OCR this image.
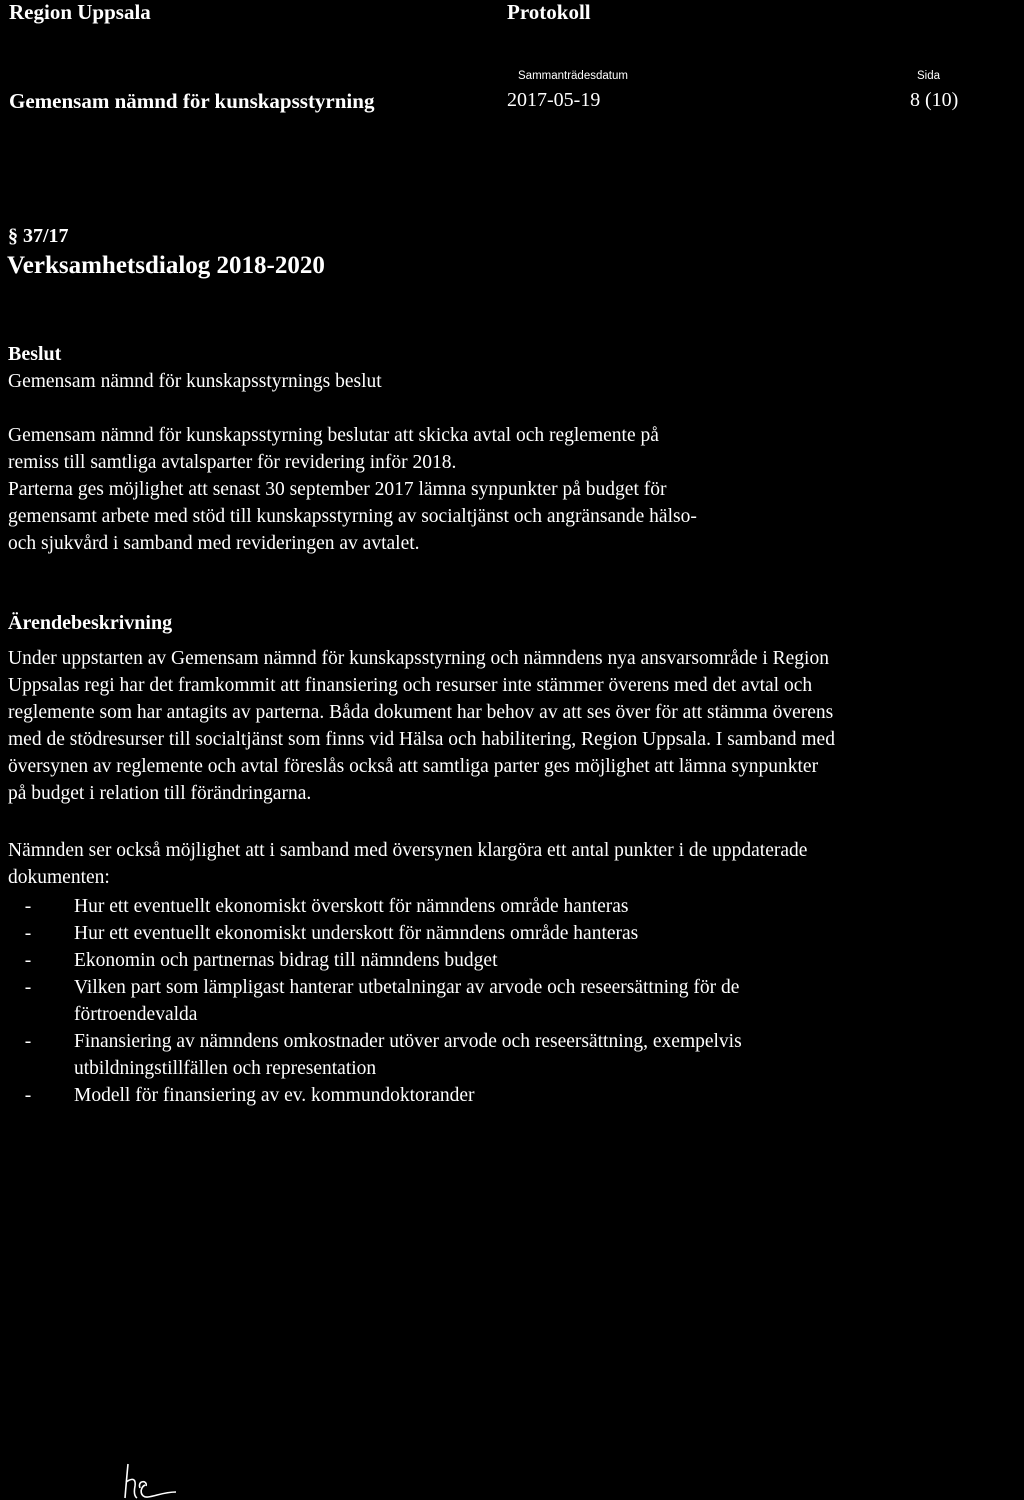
Region Uppsala	Protokoll
Gemensam nämnd för kunskapsstyrning
Sammanträdesdatum
2017-05-19
Sida
8 (10)
§ 37/17
Verksamhetsdialog 2018-2020
Beslut
Gemensam nämnd för kunskapsstyrnings beslut
Gemensam nämnd för kunskapsstyrning beslutar att skicka avtal och reglemente på
remiss till samtliga avtalsparter för revidering inför 2018.
Parterna ges möjlighet att senast 30 september 2017 lämna synpunkter på budget för
gemensamt arbete med stöd till kunskapsstyrning av socialtjänst och angränsande hälso-
och sjukvård i samband med revideringen av avtalet.
Ärendebeskrivning
Under uppstarten av Gemensam nämnd för kunskapsstyrning och nämndens nya ansvarsområde i Region
Uppsalas regi har det framkommit att finansiering och resurser inte stämmer överens med det avtal och
reglemente som har antagits av parterna. Båda dokument har behov av att ses över för att stämma överens
med de stödresurser till socialtjänst som finns vid Hälsa och habilitering, Region Uppsala. I samband med
översynen av reglemente och avtal föreslås också att samtliga parter ges möjlighet att lämna synpunkter
på budget i relation till förändringarna.
Nämnden ser också möjlighet att i samband med översynen klargöra ett antal punkter i de uppdaterade
dokumenten:
-	Hur ett eventuellt ekonomiskt överskott för nämndens område hanteras
-	Hur ett eventuellt ekonomiskt underskott för nämndens område hanteras
-	Ekonomin och partnernas bidrag till nämndens budget
-	Vilken part som lämpligast hanterar utbetalningar av arvode och reseersättning för de
förtroendevalda
-	Finansiering av nämndens omkostnader utöver arvode och reseersättning, exempelvis
utbildningstillfällen och representation
-	Modell för finansiering av ev. kommundoktorander
